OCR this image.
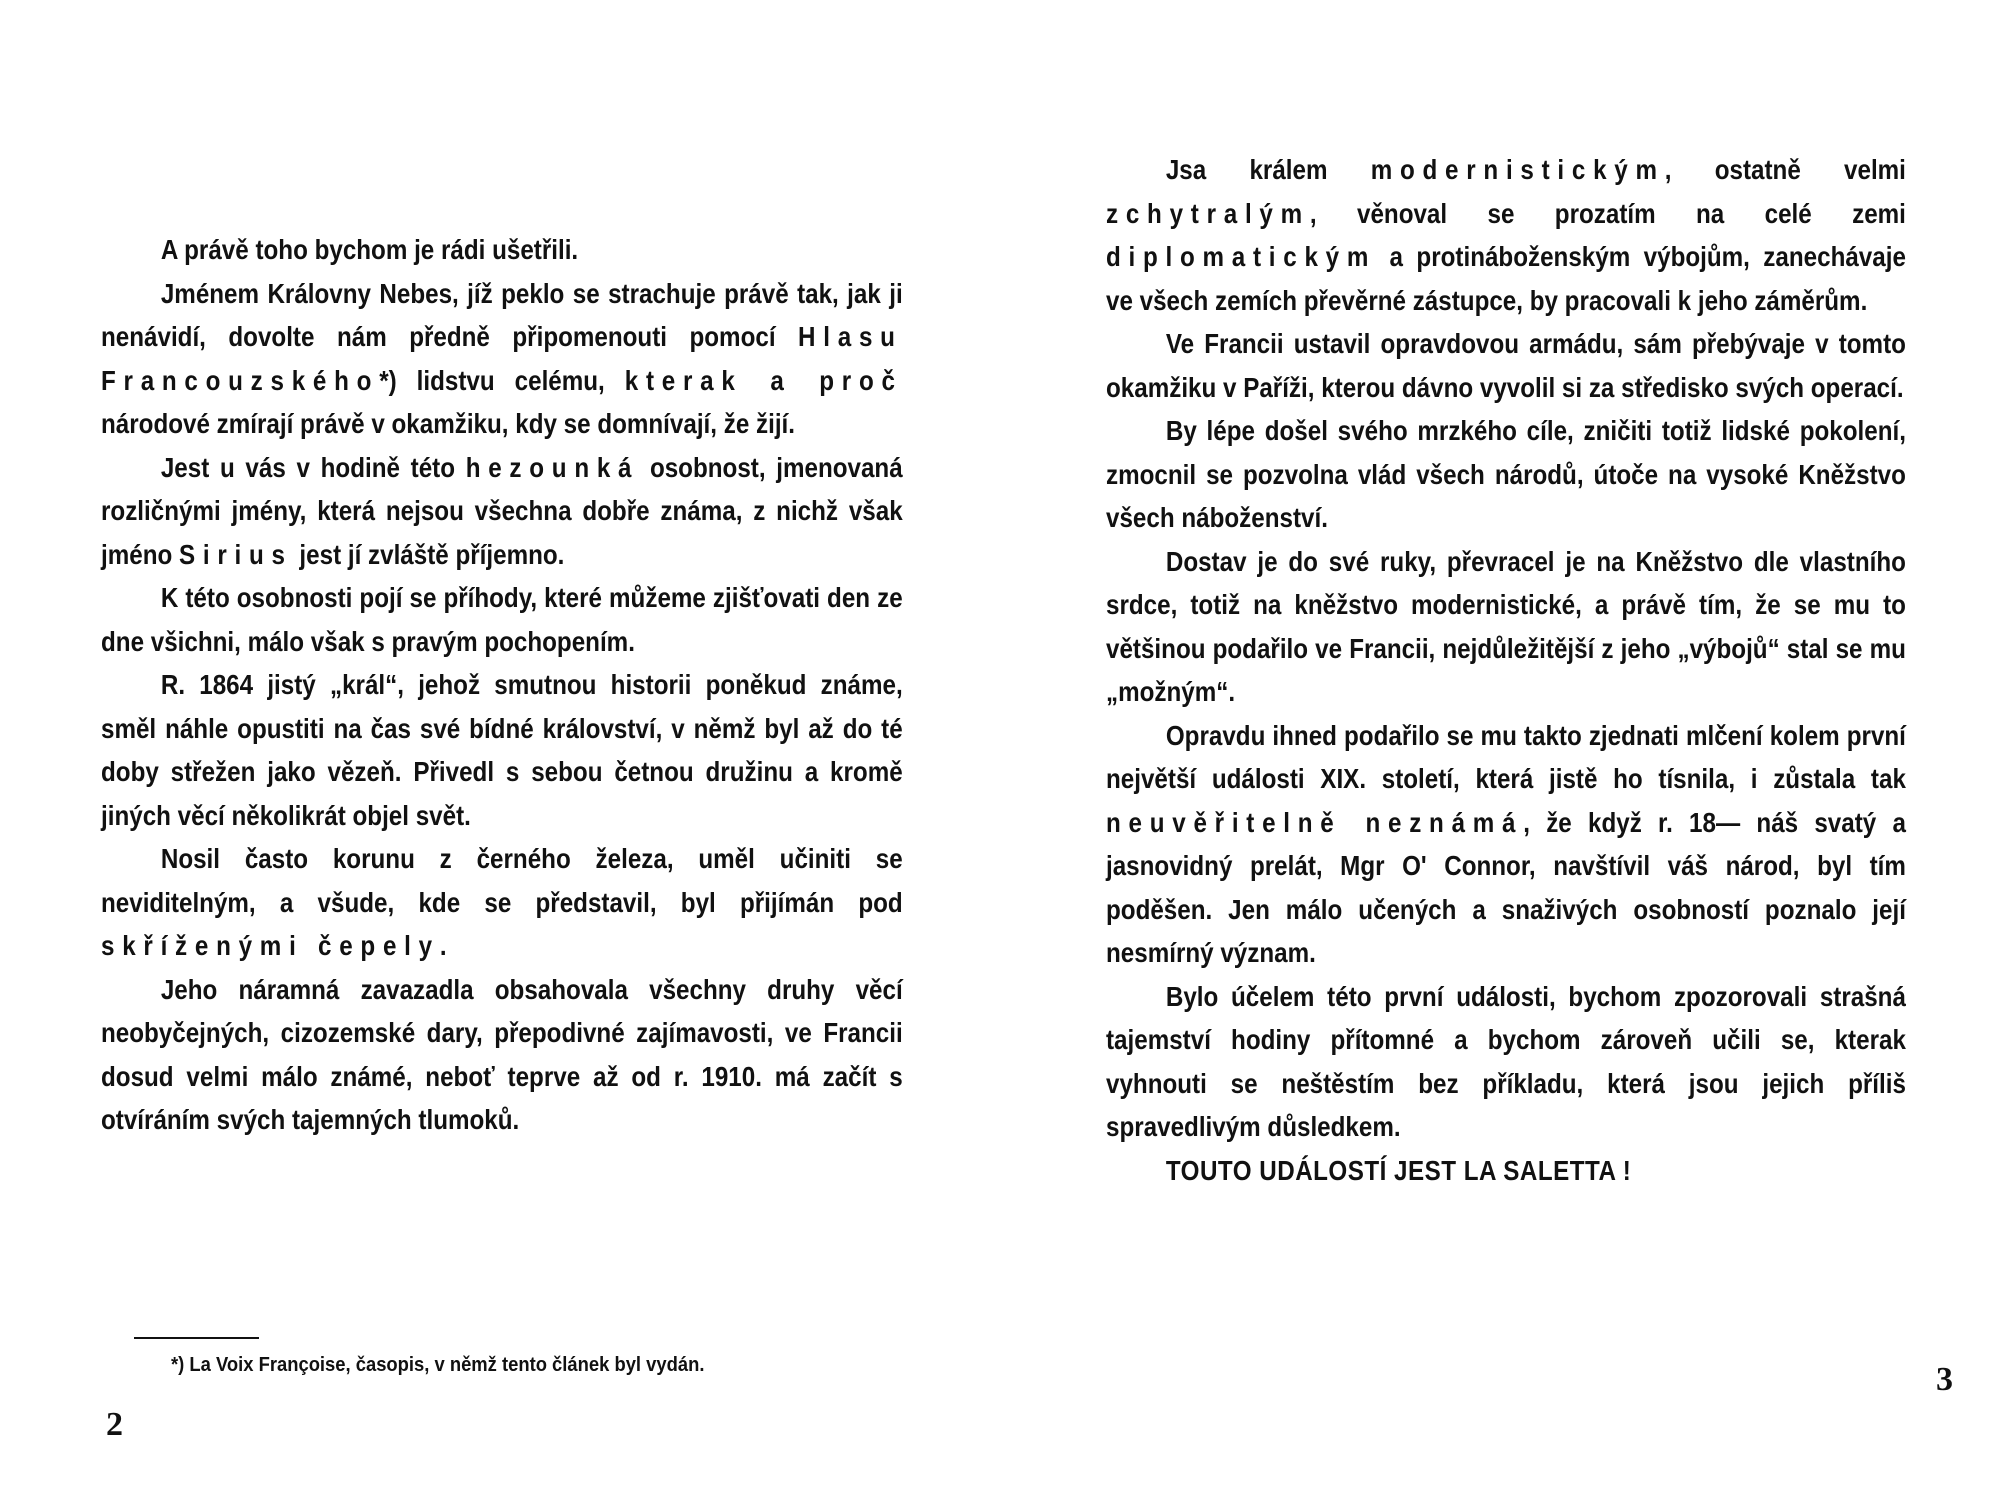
A právě toho bychom je rádi ušetřili.

Jménem Královny Nebes, jíž peklo se strachuje právě tak, jak ji nenávidí, dovolte nám předně připomenouti pomocí Hlasu Francouzského*) lidstvu celému, kterak a proč národové zmírají právě v okamžiku, kdy se domnívají, že žijí.

Jest u vás v hodině této hezounká osobnost, jmenovaná rozličnými jmény, která nejsou všechna dobře známa, z nichž však jméno Sirius jest jí zvláště příjemno.

K této osobnosti pojí se příhody, které můžeme zjišťovati den ze dne všichni, málo však s pravým pochopením.

R. 1864 jistý „král“, jehož smutnou historii poněkud známe, směl náhle opustiti na čas své bídné království, v němž byl až do té doby střežen jako vězeň. Přivedl s sebou četnou družinu a kromě jiných věcí několikrát objel svět.

Nosil často korunu z černého železa, uměl učiniti se neviditelným, a všude, kde se představil, byl přijímán pod skříženými čepely.

Jeho náramná zavazadla obsahovala všechny druhy věcí neobyčejných, cizozemské dary, přepodivné zajímavosti, ve Francii dosud velmi málo známé, neboť teprve až od r. 1910. má začít s otvíráním svých tajemných tlumoků.

*) La Voix Françoise, časopis, v němž tento článek byl vydán.
2

Jsa králem modernistickým, ostatně velmi zchytralým, věnoval se prozatím na celé zemi diplomatickým a protináboženským výbojům, zanechávaje ve všech zemích převěrné zástupce, by pracovali k jeho záměrům.

Ve Francii ustavil opravdovou armádu, sám přebývaje v tomto okamžiku v Paříži, kterou dávno vyvolil si za středisko svých operací.

By lépe došel svého mrzkého cíle, zničiti totiž lidské pokolení, zmocnil se pozvolna vlád všech národů, útoče na vysoké Kněžstvo všech náboženství.

Dostav je do své ruky, převracel je na Kněžstvo dle vlastního srdce, totiž na kněžstvo modernistické, a právě tím, že se mu to většinou podařilo ve Francii, nejdůležitější z jeho „výbojů“ stal se mu „možným“.

Opravdu ihned podařilo se mu takto zjednati mlčení kolem první největší události XIX. století, která jistě ho tísnila, i zůstala tak neuvěřitelně neznámá, že když r. 18— náš svatý a jasnovidný prelát, Mgr O' Connor, navštívil váš národ, byl tím poděšen. Jen málo učených a snaživých osobností poznalo její nesmírný význam.

Bylo účelem této první události, bychom zpozorovali strašná tajemství hodiny přítomné a bychom zároveň učili se, kterak vyhnouti se neštěstím bez příkladu, která jsou jejich příliš spravedlivým důsledkem.

TOUTO UDÁLOSTÍ JEST LA SALETTA !

3
